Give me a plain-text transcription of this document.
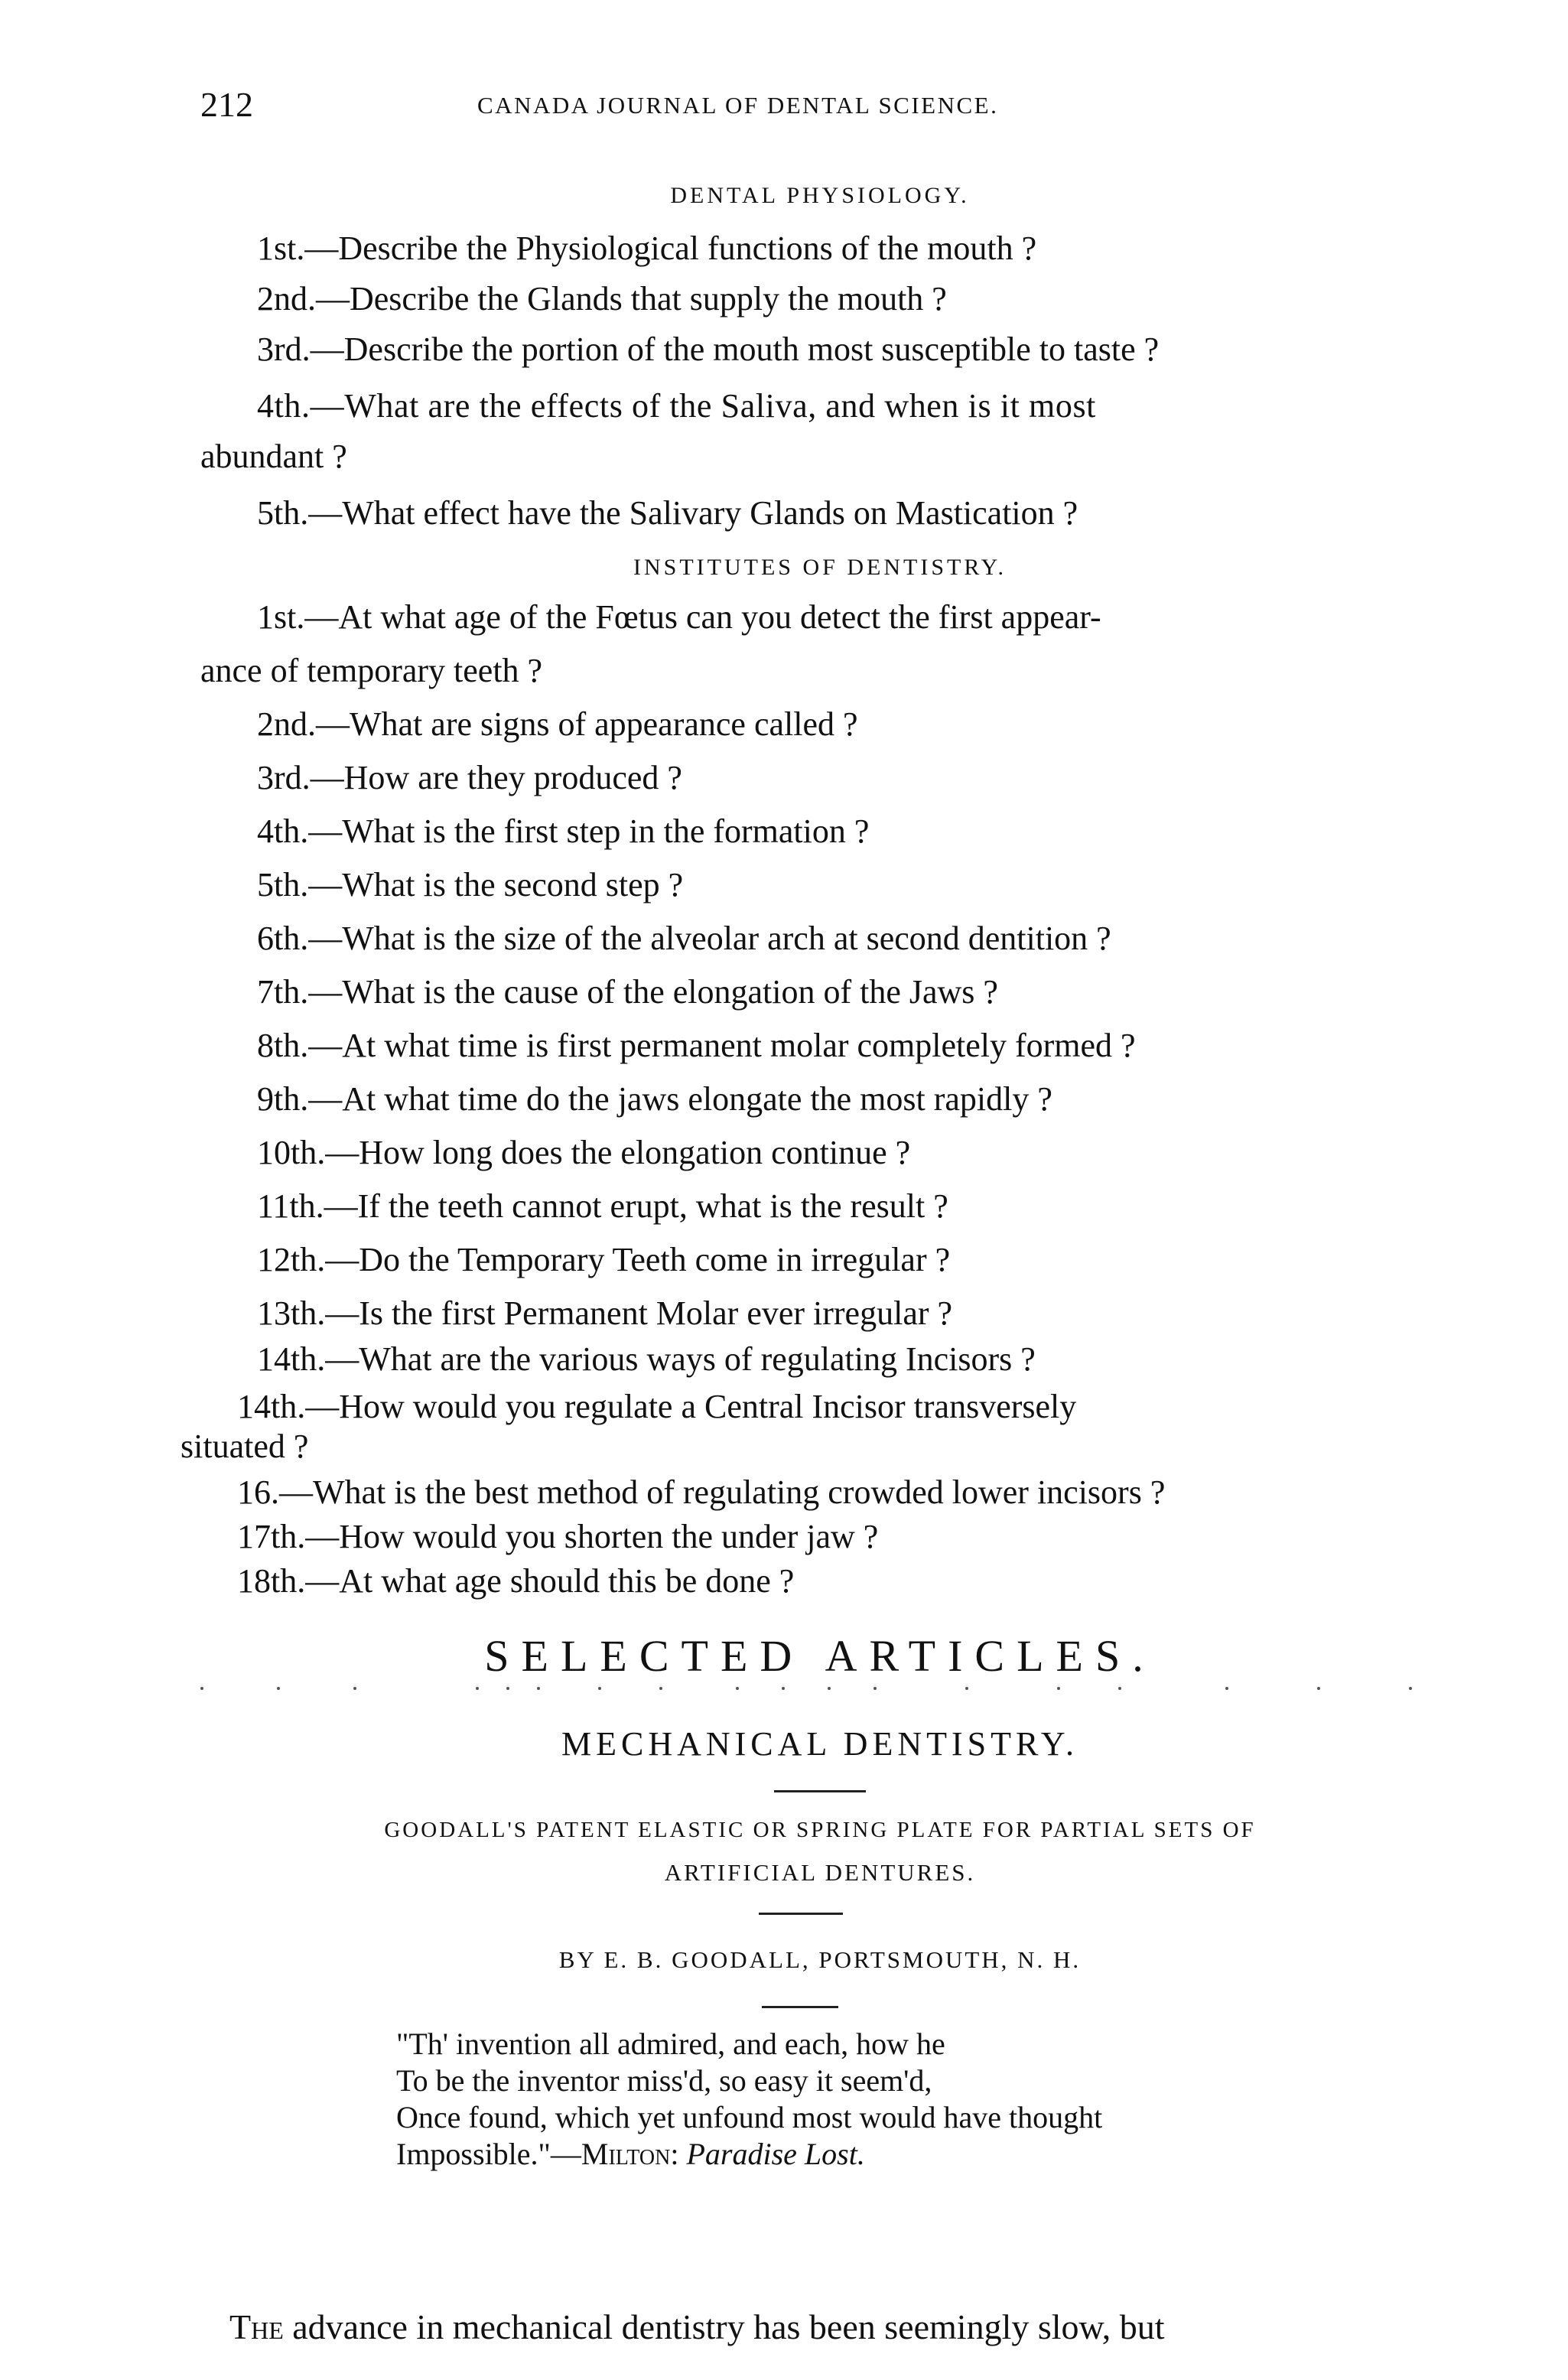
212	CANADA JOURNAL OF DENTAL SCIENCE.
DENTAL PHYSIOLOGY.
1st.—Describe the Physiological functions of the mouth ?
2nd.—Describe the Glands that supply the mouth ?
3rd.—Describe the portion of the mouth most susceptible to taste ?
4th.—What are the effects of the Saliva, and when is it most
abundant ?
5th.—What effect have the Salivary Glands on Mastication ?
INSTITUTES OF DENTISTRY.
1st.—At what age of the Fœtus can you detect the first appear-
ance of temporary teeth ?
2nd.—What are signs of appearance called ?
3rd.—How are they produced ?
4th.—What is the first step in the formation ?
5th.—What is the second step ?
6th.—What is the size of the alveolar arch at second dentition ?
7th.—What is the cause of the elongation of the Jaws ?
8th.—At what time is first permanent molar completely formed ?
9th.—At what time do the jaws elongate the most rapidly ?
10th.—How long does the elongation continue ?
11th.—If the teeth cannot erupt, what is the result ?
12th.—Do the Temporary Teeth come in irregular ?
13th.—Is the first Permanent Molar ever irregular ?
14th.—What are the various ways of regulating Incisors ?
14th.—How would you regulate a Central Incisor transversely
situated ?
16.—What is the best method of regulating crowded lower incisors ?
17th.—How would you shorten the under jaw ?
18th.—At what age should this be done ?
SELECTED ARTICLES.
MECHANICAL DENTISTRY.
GOODALL'S PATENT ELASTIC OR SPRING PLATE FOR PARTIAL SETS OF
ARTIFICIAL DENTURES.
BY E. B. GOODALL, PORTSMOUTH, N. H.
"Th' invention all admired, and each, how he
To be the inventor miss'd, so easy it seem'd,
Once found, which yet unfound most would have thought
Impossible."—Milton: Paradise Lost.
The advance in mechanical dentistry has been seemingly slow, but
